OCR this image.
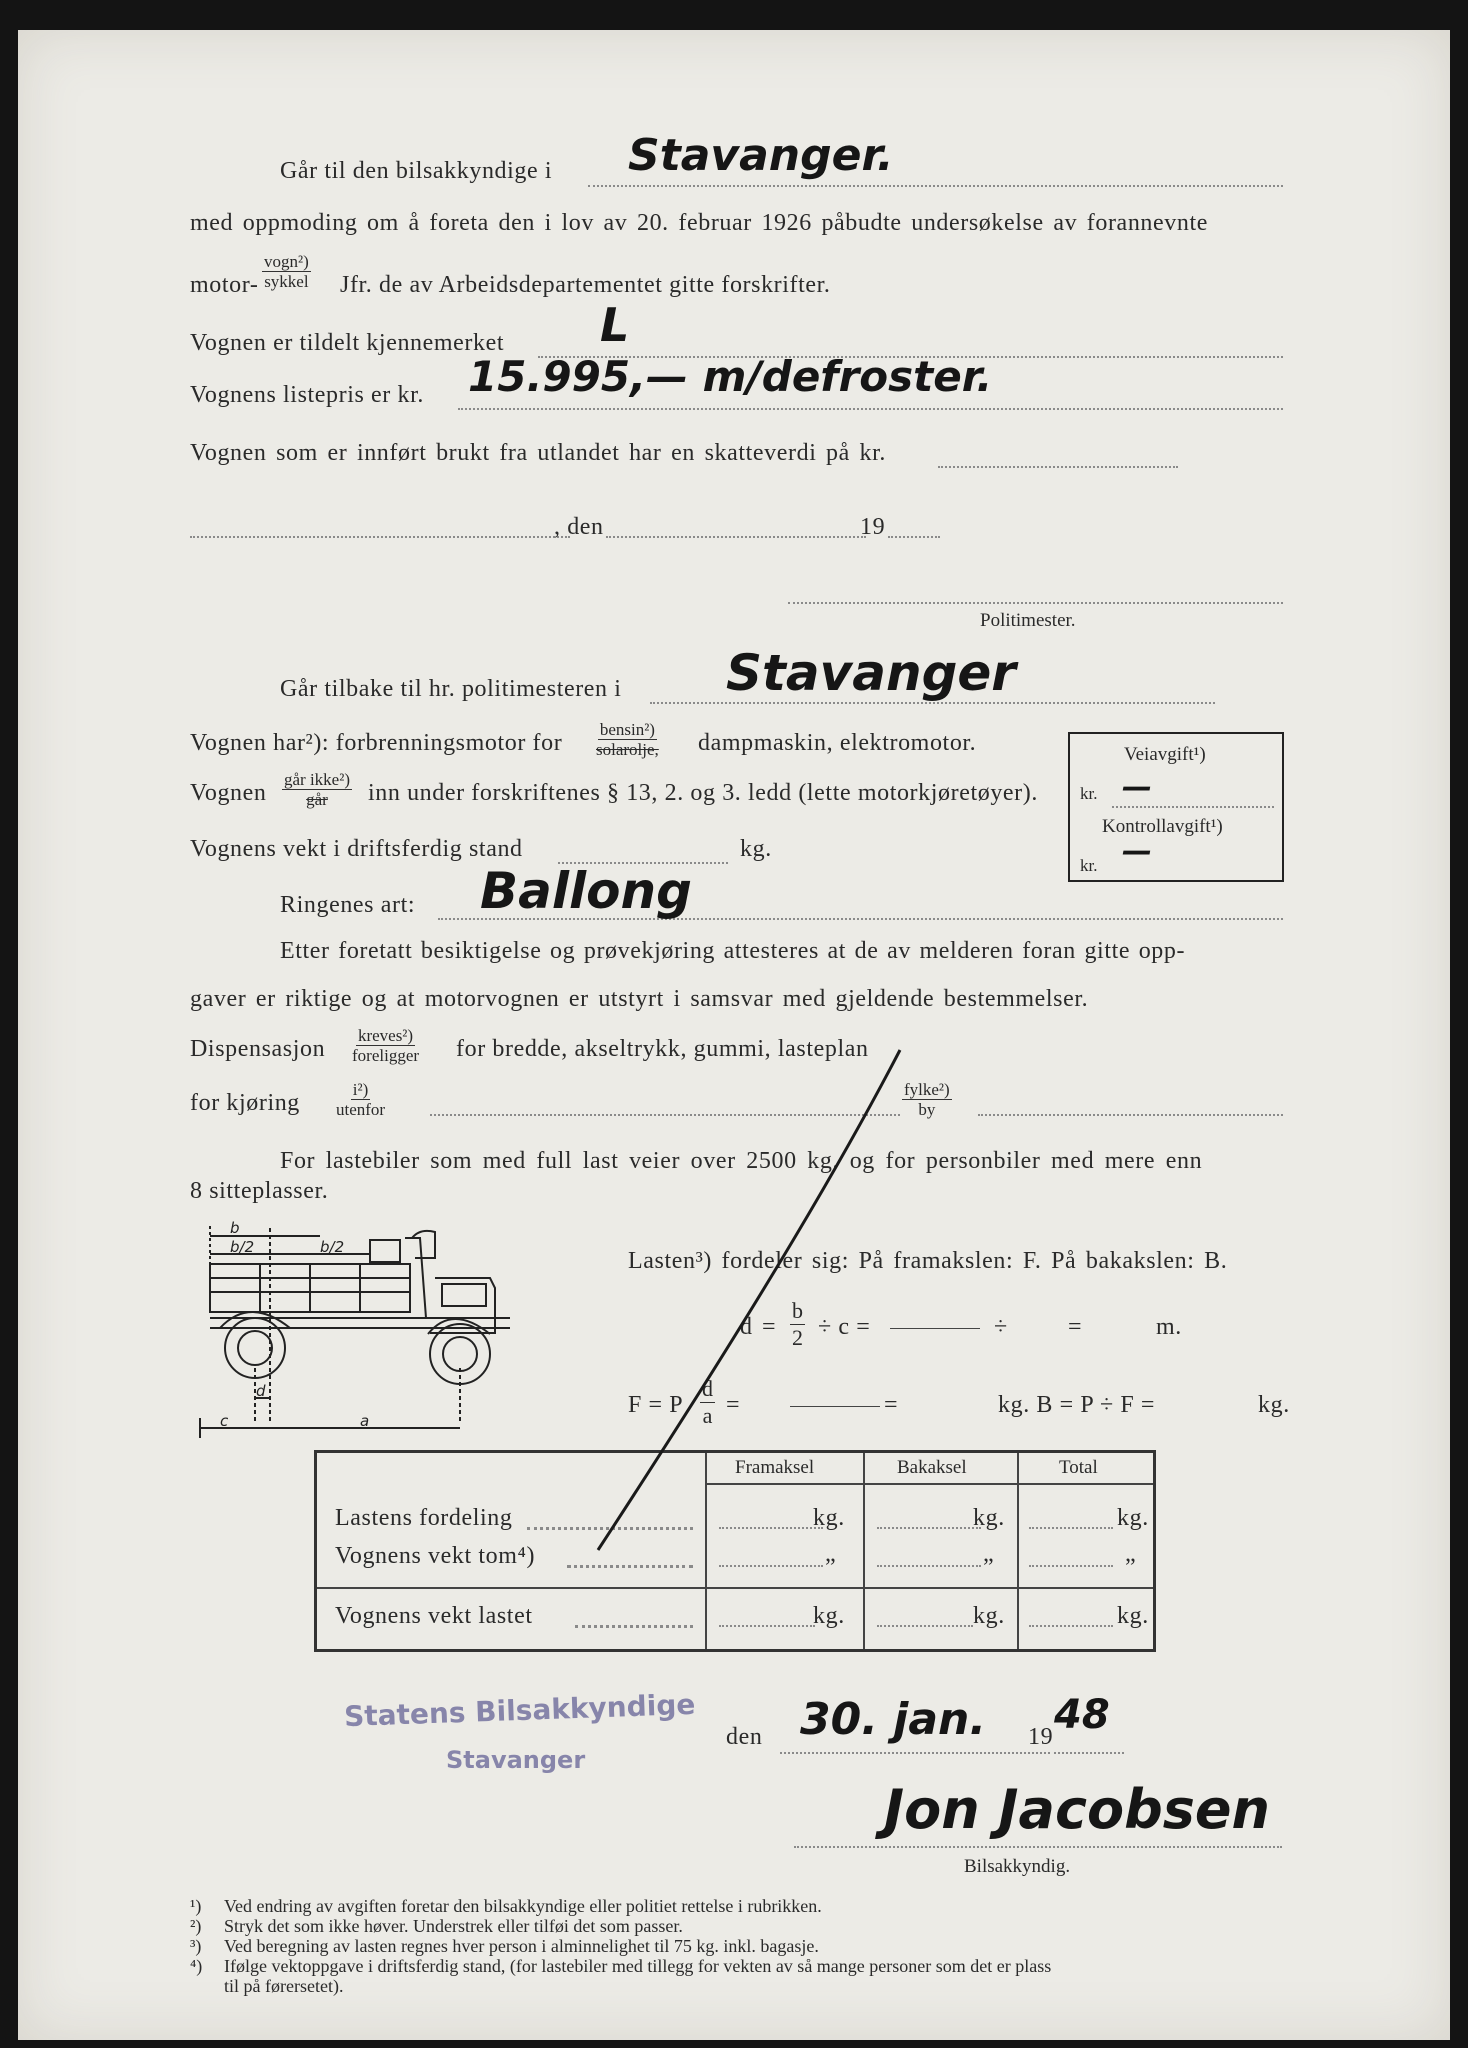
Går til den bilsakkyndige i Stavanger.
med oppmoding om å foreta den i lov av 20. februar 1926 påbudte undersøkelse av forannevnte
motor-
vogn²)
sykkel Jfr. de av Arbeidsdepartementet gitte forskrifter.
Vognen er tildelt kjennemerket L
Vognens listepris er kr. 15.995,— m/defroster.
Vognen som er innført brukt fra utlandet har en skatteverdi på kr.
, den	19
Politimester.
Går tilbake til hr. politimesteren i Stavanger
Vognen har²): forbrenningsmotor for
bensin²)
solarolje, dampmaskin, elektromotor.
Vognen
går ikke²)
går inn under forskriftenes § 13, 2. og 3. ledd (lette motorkjøretøyer).
Vognens vekt i driftsferdig stand	kg.
Ringenes art: Ballong
Etter foretatt besiktigelse og prøvekjøring attesteres at de av melderen foran gitte opp-
gaver er riktige og at motorvognen er utstyrt i samsvar med gjeldende bestemmelser.
Dispensasjon
kreves²)
foreligger for bredde, akseltrykk, gummi, lasteplan
for kjøring
i²)
utenfor
fylke²)
by
For lastebiler som med full last veier over 2500 kg. og for personbiler med mere enn
8 sitteplasser.
Veiavgift¹)
kr. —
Kontrollavgift¹)
kr. —
b
b/2	b/2
c
d
a
Lasten³) fordeler sig: På framakslen: F. På bakakslen: B.
$d = \frac{b}{2} \div c$ =	÷	=	m.
F = P $\frac{d}{a}$ =	=	kg. B = P ÷ F =	kg.
Framaksel	Bakaksel	Total
Lastens fordeling	kg.	kg.	kg.
Vognens vekt tom⁴)	„	„	„
Vognens vekt lastet	kg.	kg.	kg.
Statens Bilsakkyndige
Stavanger
den 30. jan. 19 48
Jon Jacobsen
Bilsakkyndig.
¹) Ved endring av avgiften foretar den bilsakkyndige eller politiet rettelse i rubrikken.
²) Stryk det som ikke høver. Understrek eller tilføi det som passer.
³) Ved beregning av lasten regnes hver person i alminnelighet til 75 kg. inkl. bagasje.
⁴) Ifølge vektoppgave i driftsferdig stand, (for lastebiler med tillegg for vekten av så mange personer som det er plass
til på førersetet).
